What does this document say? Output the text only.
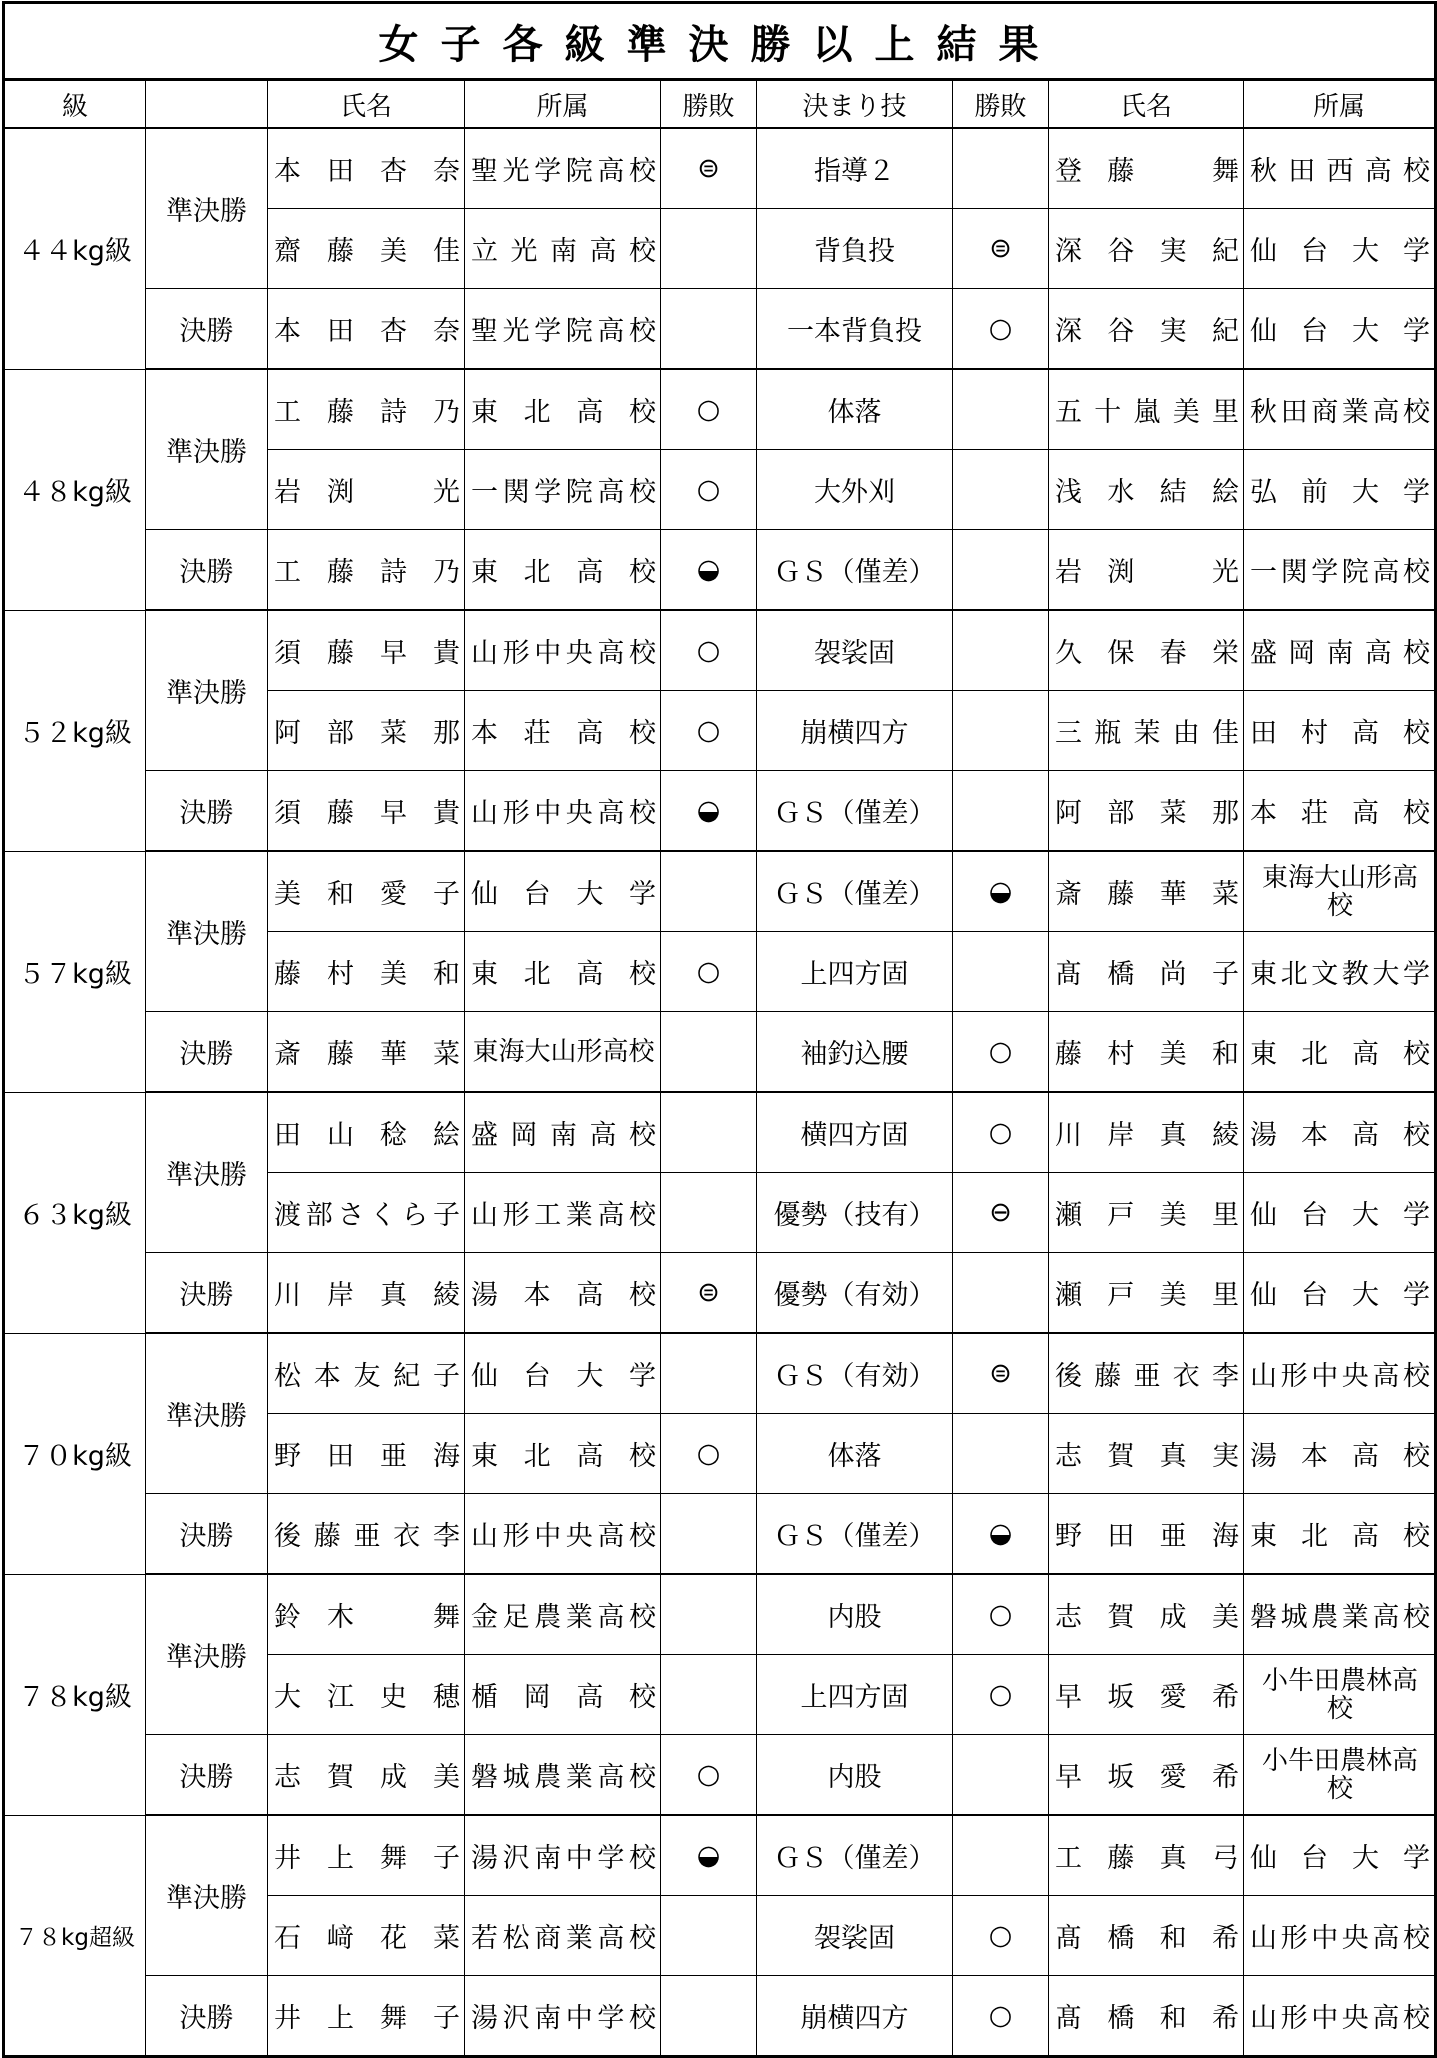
女子各級準決勝以上結果								
級		氏名	所属	勝敗	決まり技	勝敗	氏名	所属
４４kg級	準決勝	本田杏奈	聖光学院高校	⊜	指導２		登藤　舞	秋田西高校

		齋藤美佳	立光南高校		背負投	⊜	深谷実紀	仙台大学

	決勝	本田杏奈	聖光学院高校		一本背負投	○	深谷実紀	仙台大学

４８kg級	準決勝	工藤詩乃	東北高校	○	体落		五十嵐美里	秋田商業高校

		岩渕　光	一関学院高校	○	大外刈		浅水結絵	弘前大学

	決勝	工藤詩乃	東北高校	◒	ＧＳ（僅差）		岩渕　光	一関学院高校

５２kg級	準決勝	須藤早貴	山形中央高校	○	袈裟固		久保春栄	盛岡南高校

		阿部菜那	本荘高校	○	崩横四方		三瓶茉由佳	田村高校

	決勝	須藤早貴	山形中央高校	◒	ＧＳ（僅差）		阿部菜那	本荘高校

５７kg級	準決勝	美和愛子	仙台大学		ＧＳ（僅差）	◒	斎藤華菜	東海大山形高校

		藤村美和	東北高校	○	上四方固		髙橋尚子	東北文教大学

	決勝	斎藤華菜	東海大山形高校		袖釣込腰	○	藤村美和	東北高校

６３kg級	準決勝	田山稔絵	盛岡南高校		横四方固	○	川岸真綾	湯本高校

		渡部さくら子	山形工業高校		優勢（技有）	⊖	瀬戸美里	仙台大学

	決勝	川岸真綾	湯本高校	⊜	優勢（有効）		瀬戸美里	仙台大学

７０kg級	準決勝	松本友紀子	仙台大学		ＧＳ（有効）	⊜	後藤亜衣李	山形中央高校

		野田亜海	東北高校	○	体落		志賀真実	湯本高校

	決勝	後藤亜衣李	山形中央高校		ＧＳ（僅差）	◒	野田亜海	東北高校

７８kg級	準決勝	鈴木　舞	金足農業高校		内股	○	志賀成美	磐城農業高校

		大江史穂	楯岡高校		上四方固	○	早坂愛希	小牛田農林高校

	決勝	志賀成美	磐城農業高校	○	内股		早坂愛希	小牛田農林高校

７８kg超級	準決勝	井上舞子	湯沢南中学校	◒	ＧＳ（僅差）		工藤真弓	仙台大学

		石﨑花菜	若松商業高校		袈裟固	○	髙橋和希	山形中央高校

	決勝	井上舞子	湯沢南中学校		崩横四方	○	髙橋和希	山形中央高校
